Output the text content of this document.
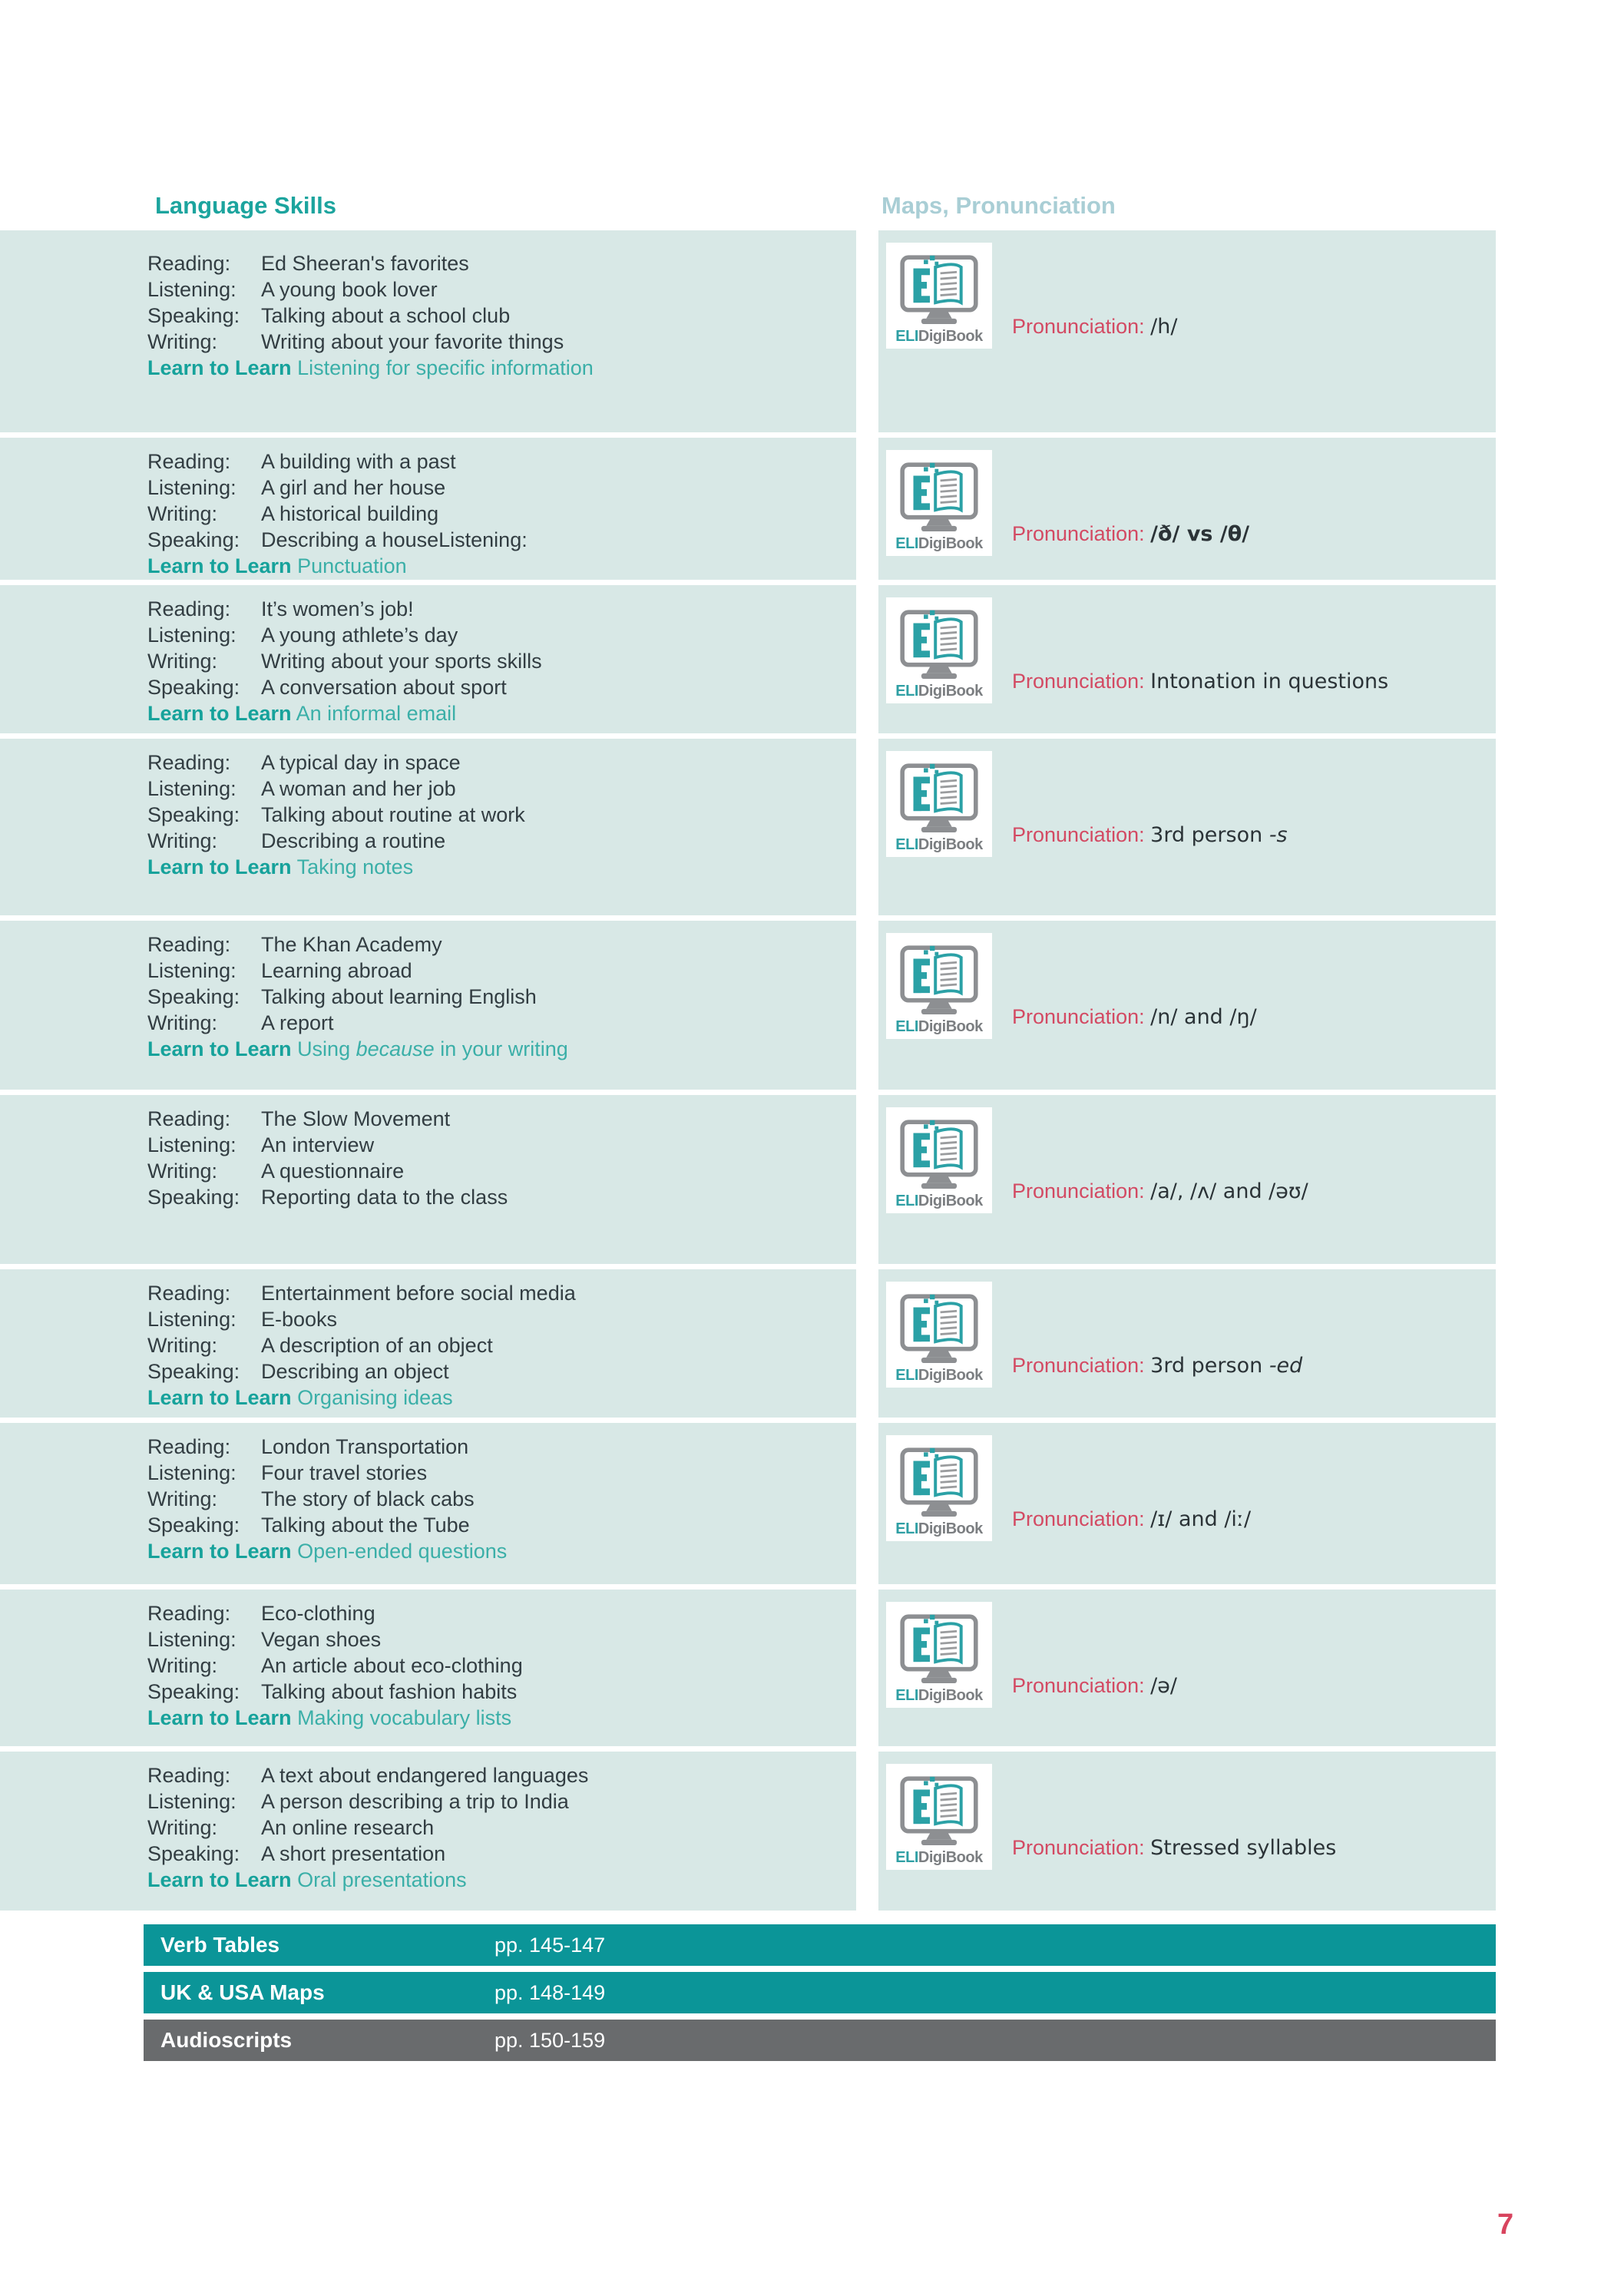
Language Skills	Maps, Pronunciation
Reading:	Ed Sheeran's favorites
Listening:	A young book lover
Speaking:	Talking about a school club
Writing:	Writing about your favorite things
Learn to Learn Listening for specific information
ELIDigiBook	Pronunciation: /h/
Reading:	A building with a past
Listening:	A girl and her house
Writing:	A historical building
Speaking:	Describing a houseListening:
Learn to Learn Punctuation
ELIDigiBook	Pronunciation: /ð/ vs /θ/
Reading:	It’s women’s job!
Listening:	A young athlete’s day
Writing:	Writing about your sports skills
Speaking:	A conversation about sport
Learn to Learn An informal email
ELIDigiBook	Pronunciation: Intonation in questions
Reading:	A typical day in space
Listening:	A woman and her job
Speaking:	Talking about routine at work
Writing:	Describing a routine
Learn to Learn Taking notes
ELIDigiBook	Pronunciation: 3rd person -s
Reading:	The Khan Academy
Listening:	Learning abroad
Speaking:	Talking about learning English
Writing:	A report
Learn to Learn Using because in your writing
ELIDigiBook	Pronunciation: /n/ and /ŋ/
Reading:	The Slow Movement
Listening:	An interview
Writing:	A questionnaire
Speaking:	Reporting data to the class	ELIDigiBook	Pronunciation: /a/, /ʌ/ and /əʊ/
Reading:	Entertainment before social media
Listening:	E-books
Writing:	A description of an object
Speaking:	Describing an object
Learn to Learn Organising ideas
ELIDigiBook	Pronunciation: 3rd person -ed
Reading:	London Transportation
Listening:	Four travel stories
Writing:	The story of black cabs
Speaking:	Talking about the Tube
Learn to Learn Open-ended questions
ELIDigiBook	Pronunciation: /ɪ/ and /iː/
Reading:	Eco-clothing
Listening:	Vegan shoes
Writing:	An article about eco-clothing
Speaking:	Talking about fashion habits
Learn to Learn Making vocabulary lists
ELIDigiBook	Pronunciation: /ə/
Reading:	A text about endangered languages
Listening:	A person describing a trip to India
Writing:	An online research
Speaking:	A short presentation
Learn to Learn Oral presentations
ELIDigiBook	Pronunciation: Stressed syllables
Verb Tables	pp. 145-147
UK & USA Maps	pp. 148-149
Audioscripts	pp. 150-159
7
